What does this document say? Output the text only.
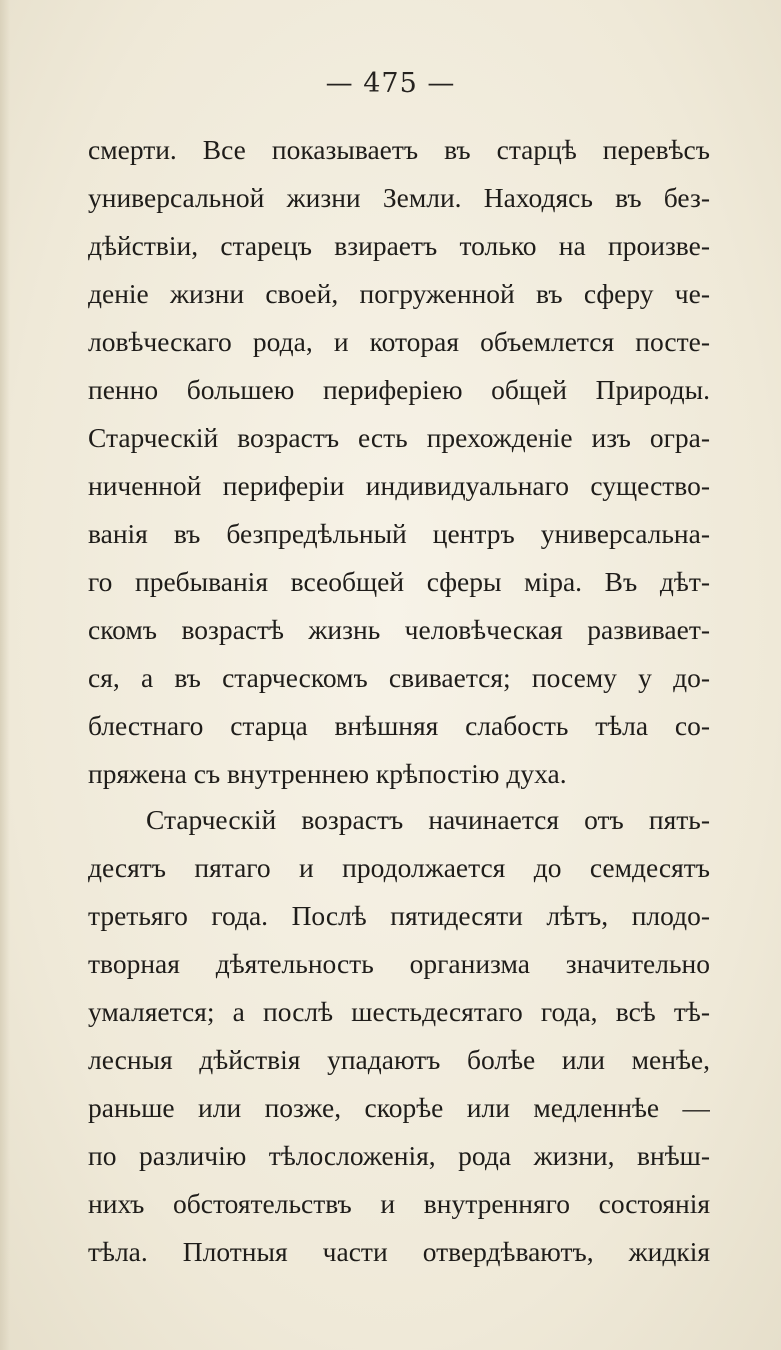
— 475 —
смерти. Все показываетъ въ старцѣ перевѣсъ
универсальной жизни Земли. Находясь въ без-
дѣйствіи, старецъ взираетъ только на произве-
деніе жизни своей, погруженной въ сферу че-
ловѣческаго рода, и которая объемлется посте-
пенно большею периферіею общей Природы.
Старческій возрастъ есть прехожденіе изъ огра-
ниченной периферіи индивидуальнаго существо-
ванія въ безпредѣльный центръ универсальна-
го пребыванія всеобщей сферы міра. Въ дѣт-
скомъ возрастѣ жизнь человѣческая развивает-
ся, а въ старческомъ свивается; посему у до-
блестнаго старца внѣшняя слабость тѣла со-
пряжена съ внутреннею крѣпостію духа.
Старческій возрастъ начинается отъ пять-
десятъ пятаго и продолжается до семдесятъ
третьяго года. Послѣ пятидесяти лѣтъ, плодо-
творная дѣятельность организма значительно
умаляется; а послѣ шестьдесятаго года, всѣ тѣ-
лесныя дѣйствія упадаютъ болѣе или менѣе,
раньше или позже, скорѣе или медленнѣе —
по различію тѣлосложенія, рода жизни, внѣш-
нихъ обстоятельствъ и внутренняго состоянія
тѣла. Плотныя части отвердѣваютъ, жидкія
